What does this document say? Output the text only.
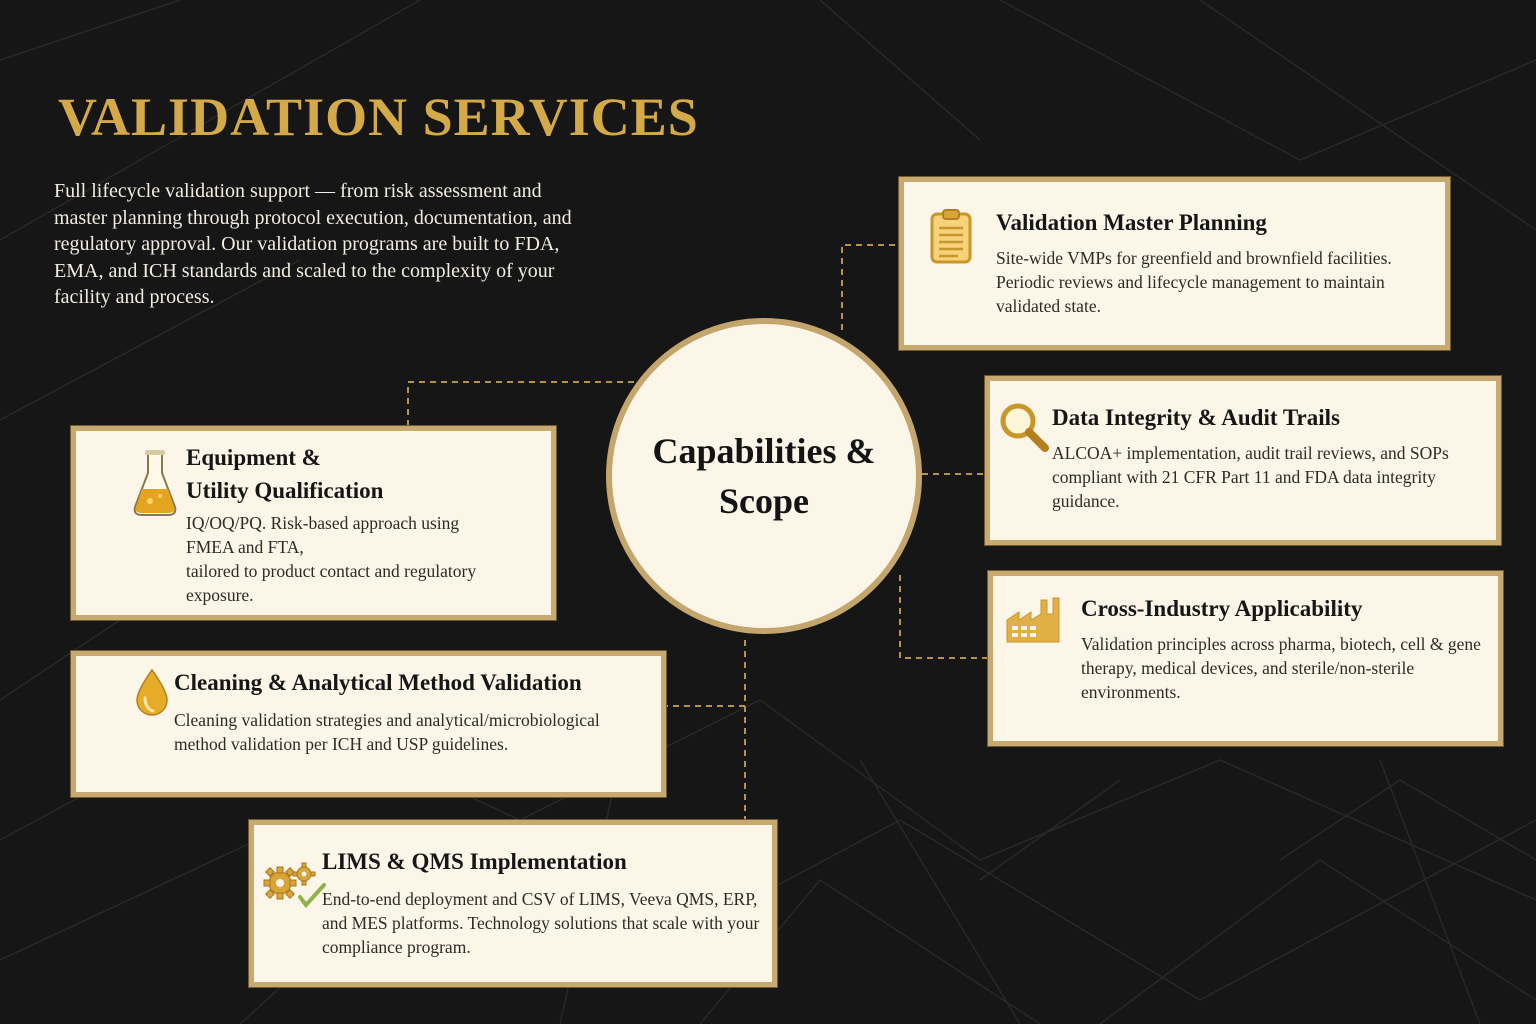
VALIDATION SERVICES

Full lifecycle validation support — from risk assessment and master planning through protocol execution, documentation, and regulatory approval. Our validation programs are built to FDA, EMA, and ICH standards and scaled to the complexity of your facility and process.

Capabilities &
Scope
Validation Master Planning

Site-wide VMPs for greenfield and brownfield facilities. Periodic reviews and lifecycle management to maintain validated state.

Data Integrity & Audit Trails

ALCOA+ implementation, audit trail reviews, and SOPs compliant with 21 CFR Part 11 and FDA data integrity guidance.

Cross-Industry Applicability

Validation principles across pharma, biotech, cell & gene therapy, medical devices, and sterile/non-sterile environments.

Equipment &
Utility Qualification
IQ/OQ/PQ. Risk-based approach using
FMEA and FTA,
tailored to product contact and regulatory exposure.
Cleaning & Analytical Method Validation

Cleaning validation strategies and analytical/microbiological method validation per ICH and USP guidelines.

LIMS & QMS Implementation

End-to-end deployment and CSV of LIMS, Veeva QMS, ERP, and MES platforms. Technology solutions that scale with your compliance program.
